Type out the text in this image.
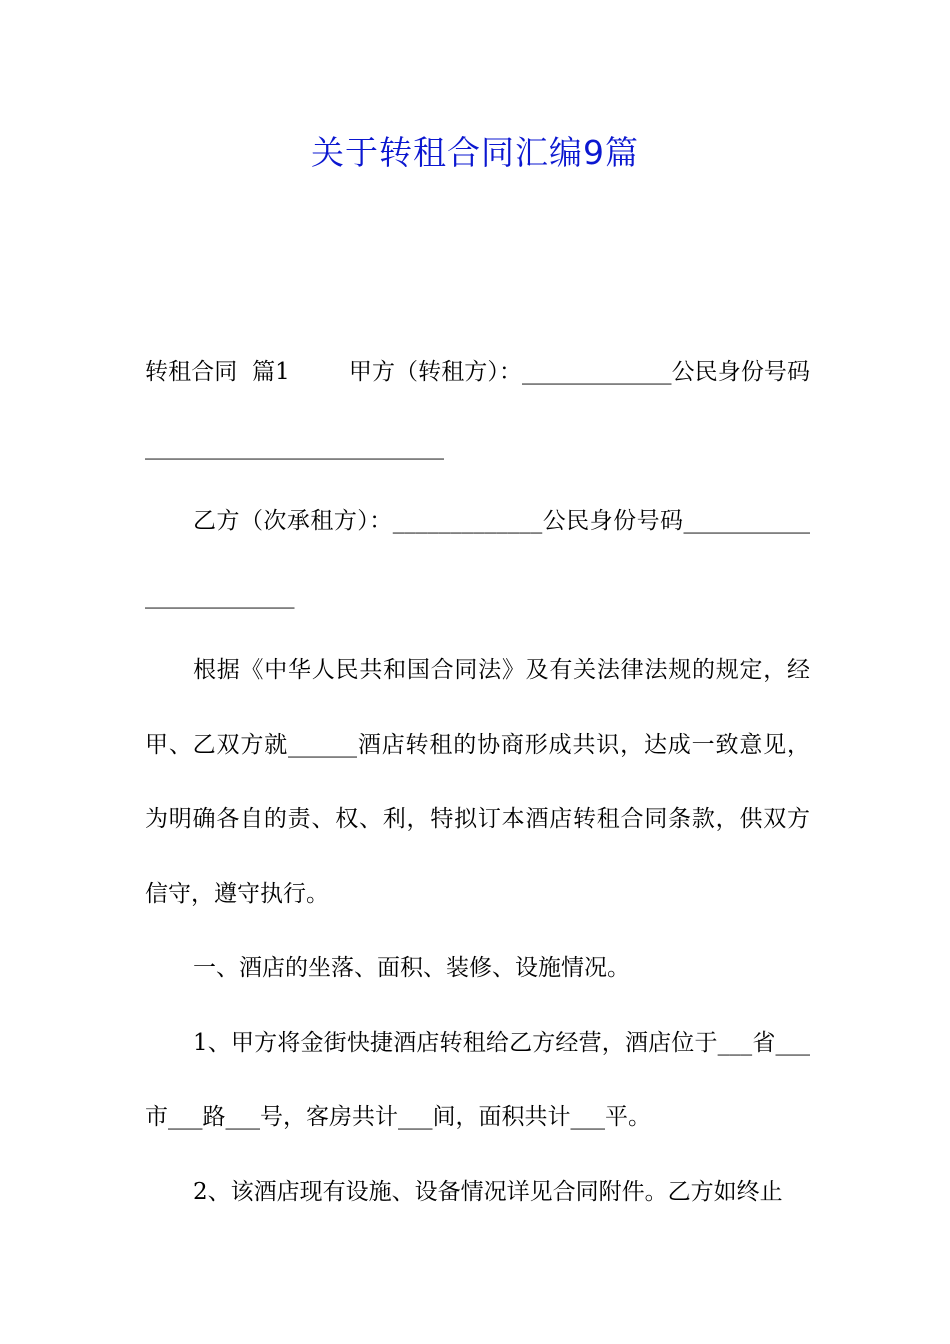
关于转租合同汇编9篇

转租合同  篇1        甲方（转租方）：_____________公民身份号码__________________________

乙方（次承租方）：_____________公民身份号码________________________

根据《中华人民共和国合同法》及有关法律法规的规定，经甲、乙双方就______酒店转租的协商形成共识，达成一致意见，为明确各自的责、权、利，特拟订本酒店转租合同条款，供双方信守，遵守执行。

一、酒店的坐落、面积、装修、设施情况。

1、甲方将金街快捷酒店转租给乙方经营，酒店位于___省___市___路___号，客房共计___间，面积共计___平。

2、该酒店现有设施、设备情况详见合同附件。乙方如终止
